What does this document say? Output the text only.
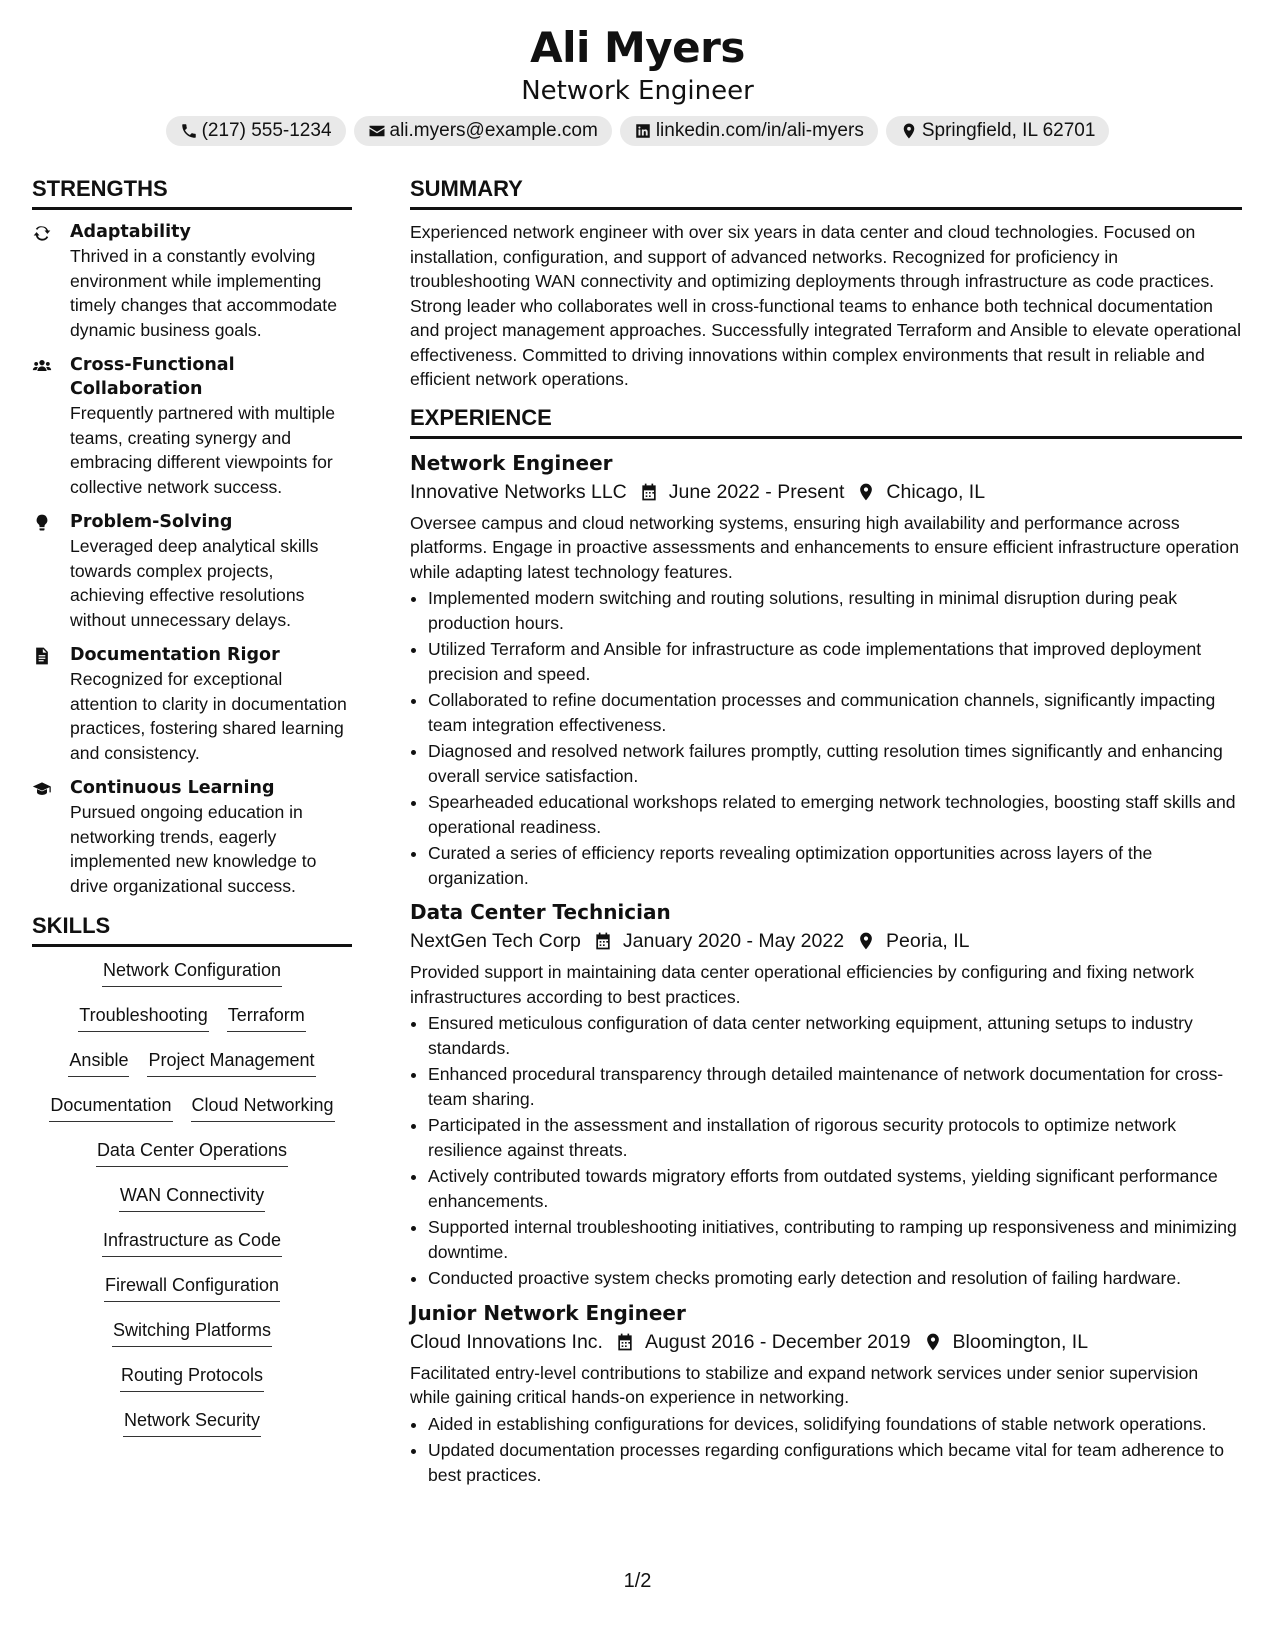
Ali Myers
Network Engineer
(217) 555-1234	ali.myers@example.com	linkedin.com/in/ali-myers	Springfield, IL 62701
STRENGTHS
Adaptability
Thrived in a constantly evolving environment while implementing timely changes that accommodate dynamic business goals.
Cross-Functional Collaboration
Frequently partnered with multiple teams, creating synergy and embracing different viewpoints for collective network success.
Problem-Solving
Leveraged deep analytical skills towards complex projects, achieving effective resolutions without unnecessary delays.
Documentation Rigor
Recognized for exceptional attention to clarity in documentation practices, fostering shared learning and consistency.
Continuous Learning
Pursued ongoing education in networking trends, eagerly implemented new knowledge to drive organizational success.
SKILLS
Network Configuration
Troubleshooting Terraform
Ansible Project Management
Documentation Cloud Networking
Data Center Operations
WAN Connectivity
Infrastructure as Code
Firewall Configuration
Switching Platforms
Routing Protocols
Network Security
SUMMARY
Experienced network engineer with over six years in data center and cloud technologies. Focused on installation, configuration, and support of advanced networks. Recognized for proficiency in troubleshooting WAN connectivity and optimizing deployments through infrastructure as code practices. Strong leader who collaborates well in cross-functional teams to enhance both technical documentation and project management approaches. Successfully integrated Terraform and Ansible to elevate operational effectiveness. Committed to driving innovations within complex environments that result in reliable and efficient network operations.
EXPERIENCE
Network Engineer
Innovative Networks LLC June 2022 - Present Chicago, IL
Oversee campus and cloud networking systems, ensuring high availability and performance across platforms. Engage in proactive assessments and enhancements to ensure efficient infrastructure operation while adapting latest technology features.
• Implemented modern switching and routing solutions, resulting in minimal disruption during peak production hours.
• Utilized Terraform and Ansible for infrastructure as code implementations that improved deployment precision and speed.
• Collaborated to refine documentation processes and communication channels, significantly impacting team integration effectiveness.
• Diagnosed and resolved network failures promptly, cutting resolution times significantly and enhancing overall service satisfaction.
• Spearheaded educational workshops related to emerging network technologies, boosting staff skills and operational readiness.
• Curated a series of efficiency reports revealing optimization opportunities across layers of the organization.
Data Center Technician
NextGen Tech Corp January 2020 - May 2022 Peoria, IL
Provided support in maintaining data center operational efficiencies by configuring and fixing network infrastructures according to best practices.
• Ensured meticulous configuration of data center networking equipment, attuning setups to industry standards.
• Enhanced procedural transparency through detailed maintenance of network documentation for cross-team sharing.
• Participated in the assessment and installation of rigorous security protocols to optimize network resilience against threats.
• Actively contributed towards migratory efforts from outdated systems, yielding significant performance enhancements.
• Supported internal troubleshooting initiatives, contributing to ramping up responsiveness and minimizing downtime.
• Conducted proactive system checks promoting early detection and resolution of failing hardware.
Junior Network Engineer
Cloud Innovations Inc. August 2016 - December 2019 Bloomington, IL
Facilitated entry-level contributions to stabilize and expand network services under senior supervision while gaining critical hands-on experience in networking.
• Aided in establishing configurations for devices, solidifying foundations of stable network operations.
• Updated documentation processes regarding configurations which became vital for team adherence to best practices.
1/2
